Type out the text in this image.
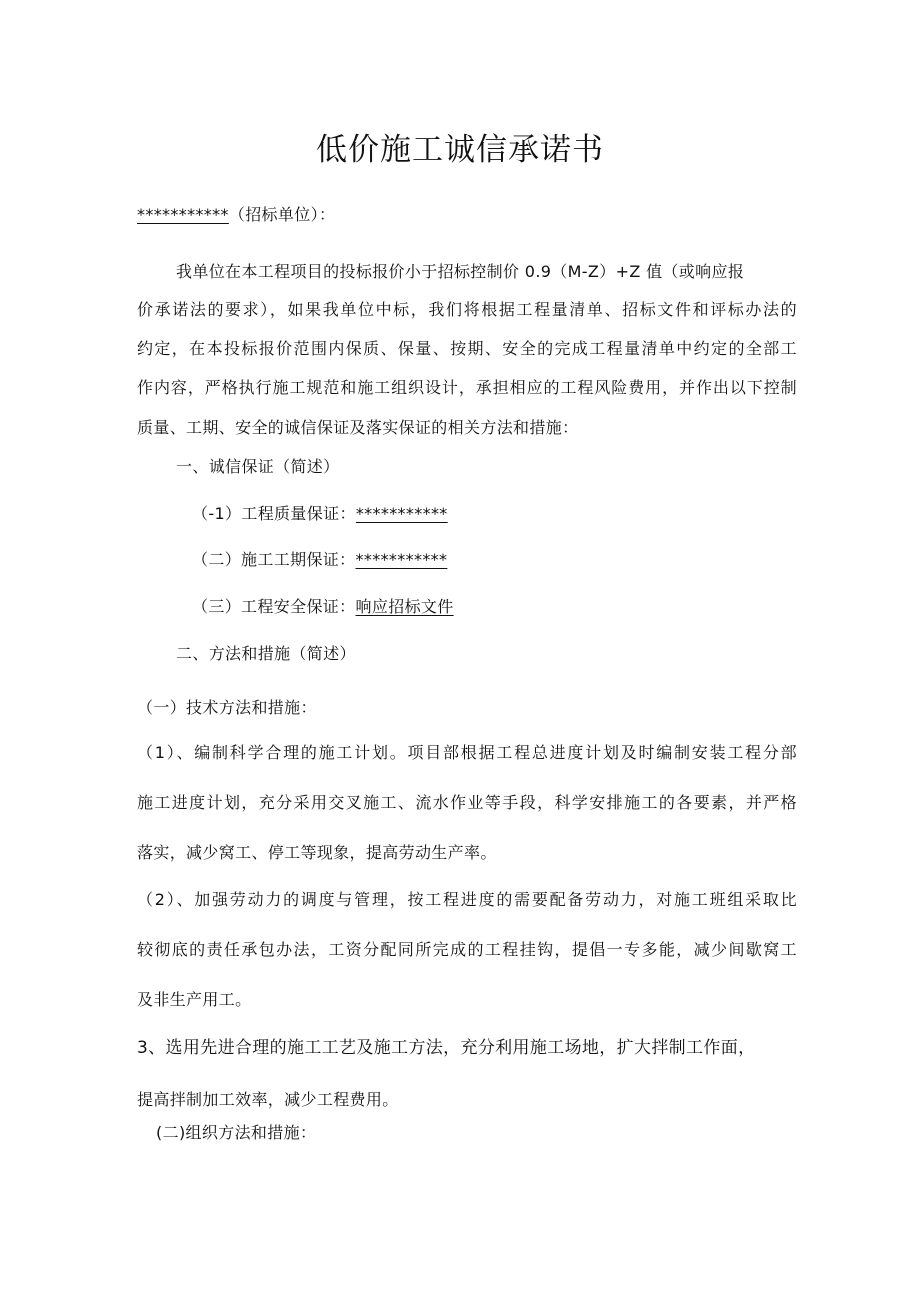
低价施工诚信承诺书
***********（招标单位）：
我单位在本工程项目的投标报价小于招标控制价 0.9（M-Z）+Z 值（或响应报
价承诺法的要求），如果我单位中标，我们将根据工程量清单、招标文件和评标办法的
约定，在本投标报价范围内保质、保量、按期、安全的完成工程量清单中约定的全部工
作内容，严格执行施工规范和施工组织设计，承担相应的工程风险费用，并作出以下控制
质量、工期、安全的诚信保证及落实保证的相关方法和措施：
一、诚信保证（简述）
（-1）工程质量保证：***********
（二）施工工期保证：***********
（三）工程安全保证：响应招标文件
二、方法和措施（简述）
（一）技术方法和措施：
（1）、编制科学合理的施工计划。项目部根据工程总进度计划及时编制安装工程分部
施工进度计划，充分采用交叉施工、流水作业等手段，科学安排施工的各要素，并严格
落实，减少窝工、停工等现象，提高劳动生产率。
（2）、加强劳动力的调度与管理，按工程进度的需要配备劳动力，对施工班组采取比
较彻底的责任承包办法，工资分配同所完成的工程挂钩，提倡一专多能，减少间歇窝工
及非生产用工。
3、选用先进合理的施工工艺及施工方法，充分利用施工场地，扩大拌制工作面，
提高拌制加工效率，减少工程费用。
(二)组织方法和措施：
